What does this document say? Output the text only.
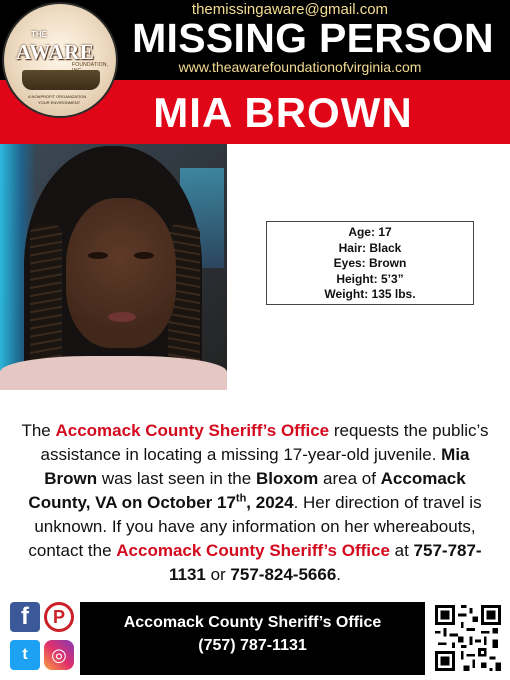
THE
AWARE
FOUNDATION,
A NONPROFIT ORGANIZATION
YOUR ENVIRONMENT
themissingaware@gmail.com
MISSING PERSON
www.theawarefoundationofvirginia.com
MIA BROWN
Age: 17
Hair: Black
Eyes: Brown
Height: 5’3”
Weight: 135 lbs.
The Accomack County Sheriff’s Office requests the public’s assistance in locating a missing 17-year-old juvenile. Mia Brown was last seen in the Bloxom area of Accomack County, VA on October 17th, 2024. Her direction of travel is unknown. If you have any information on her whereabouts, contact the Accomack County Sheriff’s Office at 757-787-1131 or 757-824-5666.
f	P
t	◎
Accomack County Sheriff’s Office
(757) 787-1131
